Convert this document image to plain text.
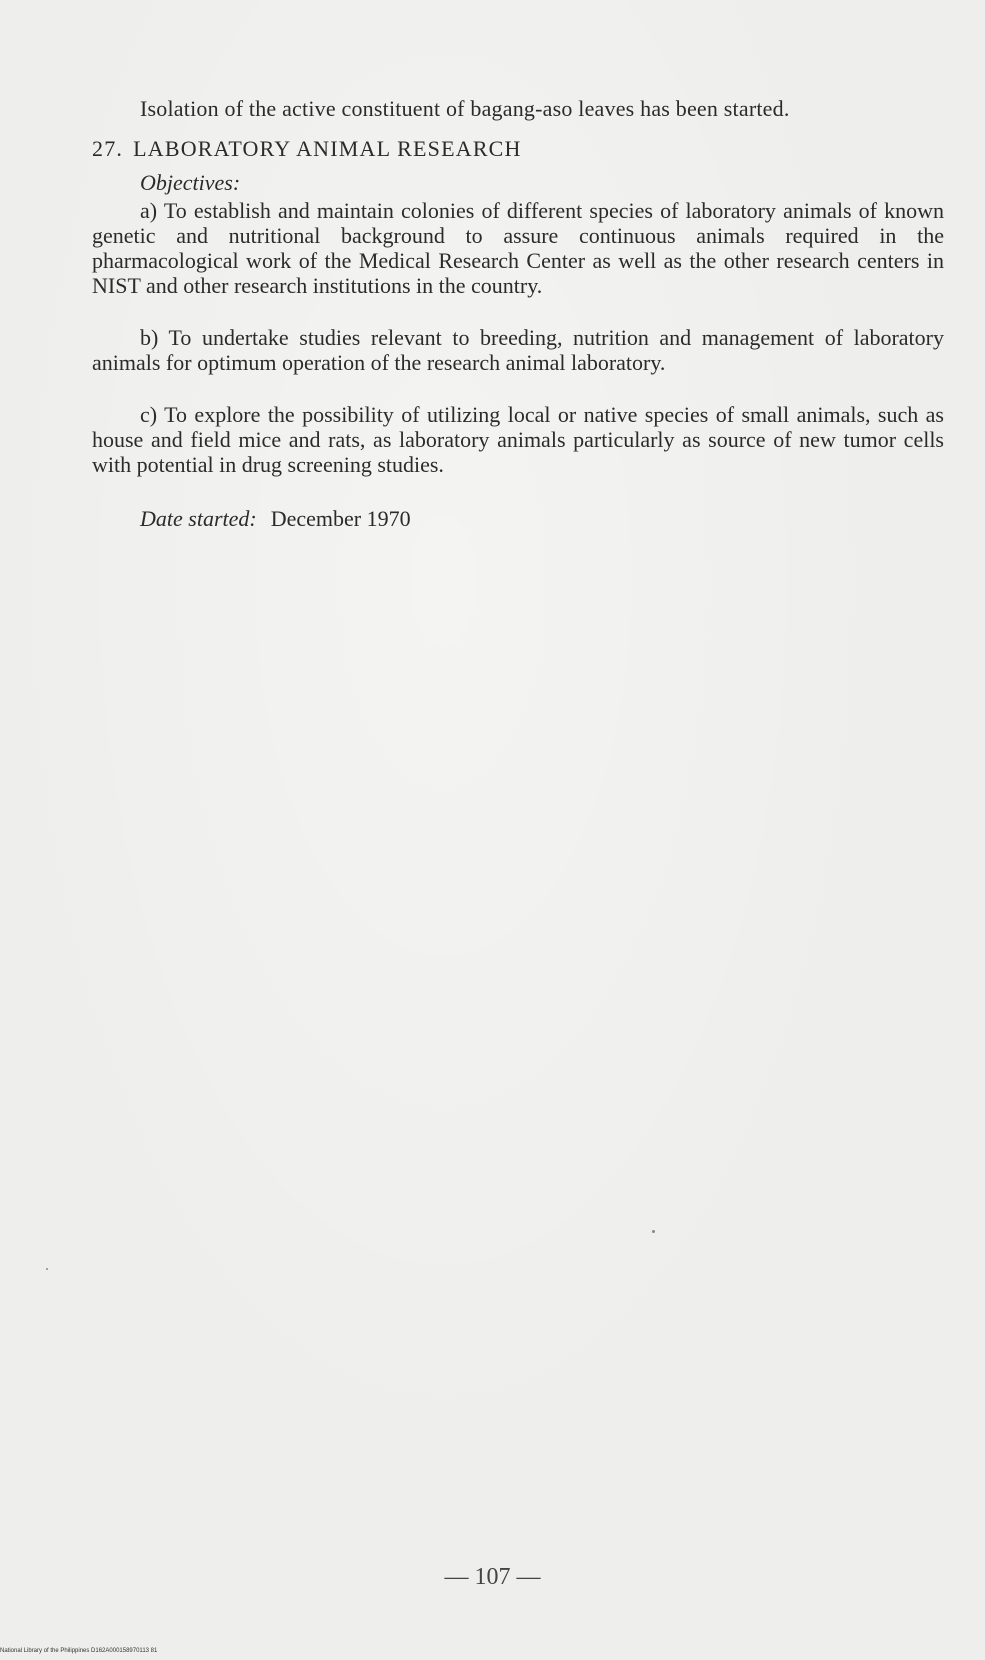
Isolation of the active constituent of bagang-aso leaves has been started.
27. LABORATORY ANIMAL RESEARCH
Objectives:
a) To establish and maintain colonies of different species of laboratory animals of known genetic and nutritional background to assure continuous animals required in the pharmacological work of the Medical Research Center as well as the other research centers in NIST and other research institutions in the country.
b) To undertake studies relevant to breeding, nutrition and management of laboratory animals for optimum operation of the research animal laboratory.
c) To explore the possibility of utilizing local or native species of small animals, such as house and field mice and rats, as laboratory animals particularly as source of new tumor cells with potential in drug screening studies.
Date started: December 1970
— 107 —
National Library of the Philippines D162A000158970113 81
